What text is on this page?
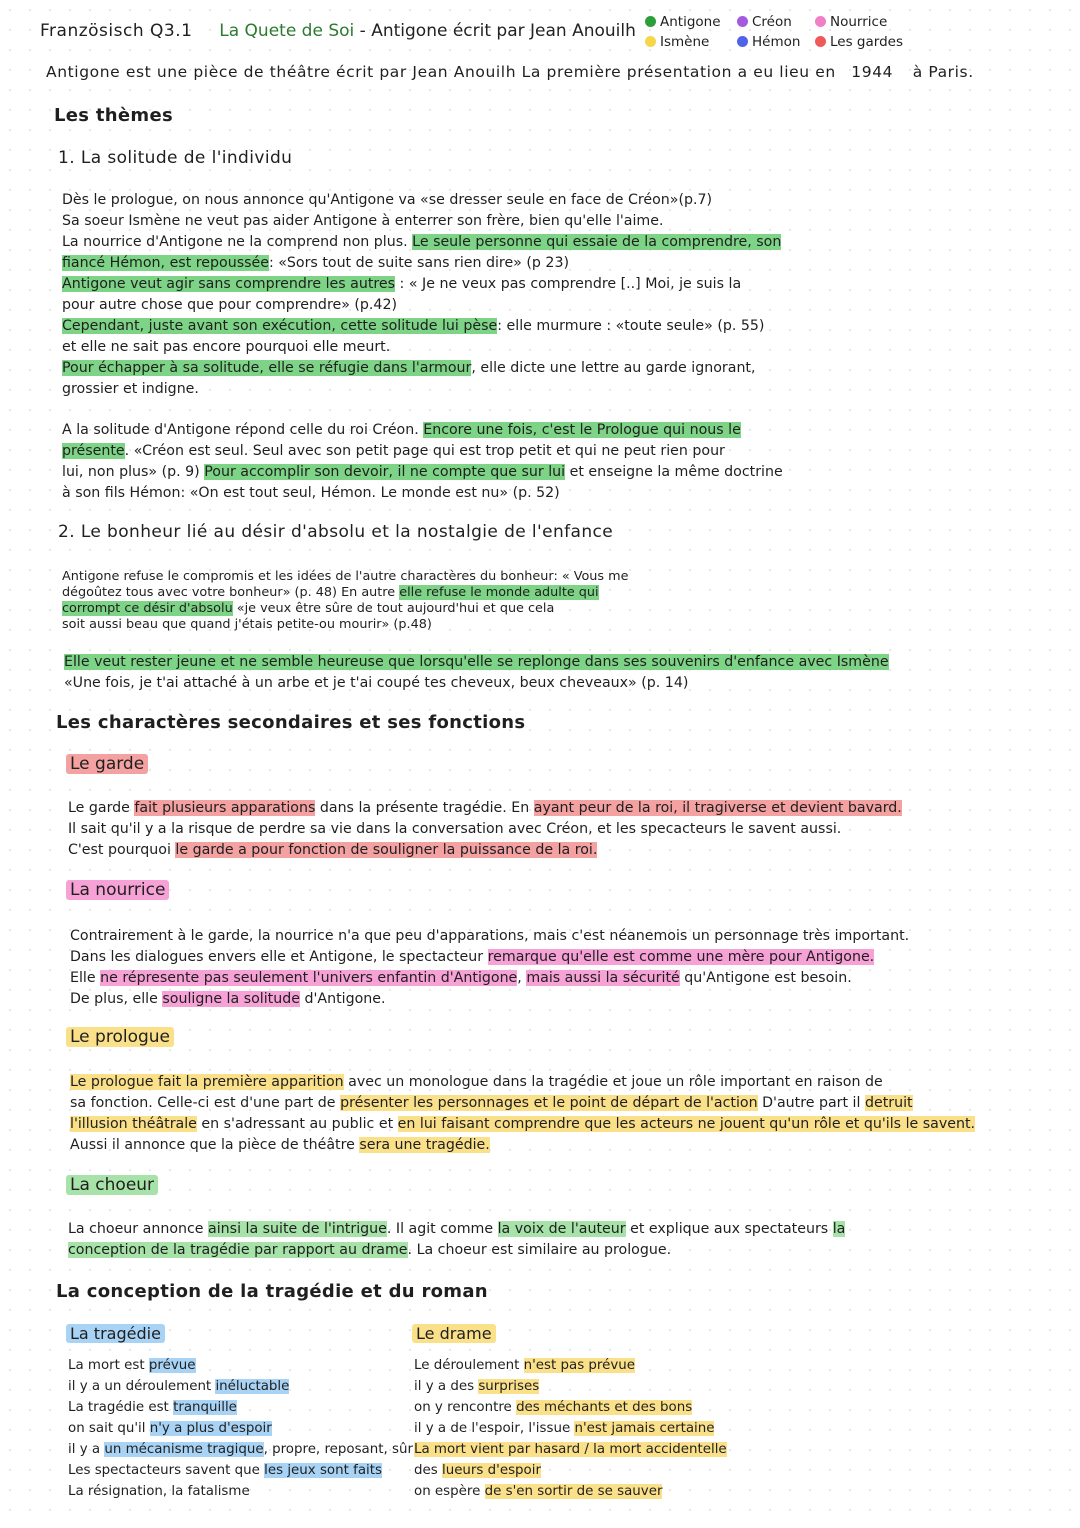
Französisch Q3.1 La Quete de Soi - Antigone écrit par Jean Anouilh	Antigone
Ismène
Créon
Hémon
Nourrice
Les gardes
Antigone est une pièce de théâtre écrit par Jean Anouilh La première présentation a eu lieu en 1944 à Paris.
Les thèmes
1. La solitude de l'individu
Dès le prologue, on nous annonce qu'Antigone va «se dresser seule en face de Créon»(p.7)
Sa soeur Ismène ne veut pas aider Antigone à enterrer son frère, bien qu'elle l'aime.
La nourrice d'Antigone ne la comprend non plus. Le seule personne qui essaie de la comprendre, son
fiancé Hémon, est repoussée: «Sors tout de suite sans rien dire» (p 23)
Antigone veut agir sans comprendre les autres : « Je ne veux pas comprendre [..] Moi, je suis la
pour autre chose que pour comprendre» (p.42)
Cependant, juste avant son exécution, cette solitude lui pèse: elle murmure : «toute seule» (p. 55)
et elle ne sait pas encore pourquoi elle meurt.
Pour échapper à sa solitude, elle se réfugie dans l'armour, elle dicte une lettre au garde ignorant,
grossier et indigne.
A la solitude d'Antigone répond celle du roi Créon. Encore une fois, c'est le Prologue qui nous le
présente. «Créon est seul. Seul avec son petit page qui est trop petit et qui ne peut rien pour
lui, non plus» (p. 9) Pour accomplir son devoir, il ne compte que sur lui et enseigne la même doctrine
à son fils Hémon: «On est tout seul, Hémon. Le monde est nu» (p. 52)
2. Le bonheur lié au désir d'absolu et la nostalgie de l'enfance
Antigone refuse le compromis et les idées de l'autre charactères du bonheur: « Vous me
dégoûtez tous avec votre bonheur» (p. 48) En autre elle refuse le monde adulte qui
corrompt ce désir d'absolu «je veux être sûre de tout aujourd'hui et que cela
soit aussi beau que quand j'étais petite-ou mourir» (p.48)
Elle veut rester jeune et ne semble heureuse que lorsqu'elle se replonge dans ses souvenirs d'enfance avec Ismène
«Une fois, je t'ai attaché à un arbe et je t'ai coupé tes cheveux, beux cheveaux» (p. 14)
Les charactères secondaires et ses fonctions
Le garde
Le garde fait plusieurs apparations dans la présente tragédie. En ayant peur de la roi, il tragiverse et devient bavard.
Il sait qu'il y a la risque de perdre sa vie dans la conversation avec Créon, et les specacteurs le savent aussi.
C'est pourquoi le garde a pour fonction de souligner la puissance de la roi.
La nourrice
Contrairement à le garde, la nourrice n'a que peu d'apparations, mais c'est néanemois un personnage très important.
Dans les dialogues envers elle et Antigone, le spectacteur remarque qu'elle est comme une mère pour Antigone.
Elle ne répresente pas seulement l'univers enfantin d'Antigone, mais aussi la sécurité qu'Antigone est besoin.
De plus, elle souligne la solitude d'Antigone.
Le prologue
Le prologue fait la première apparition avec un monologue dans la tragédie et joue un rôle important en raison de
sa fonction. Celle-ci est d'une part de présenter les personnages et le point de départ de l'action D'autre part il detruit
l'illusion théâtrale en s'adressant au public et en lui faisant comprendre que les acteurs ne jouent qu'un rôle et qu'ils le savent.
Aussi il annonce que la pièce de théâtre sera une tragédie.
La choeur
La choeur annonce ainsi la suite de l'intrigue. Il agit comme la voix de l'auteur et explique aux spectateurs la
conception de la tragédie par rapport au drame. La choeur est similaire au prologue.
La conception de la tragédie et du roman
La tragédie
La mort est prévue
il y a un déroulement inéluctable
La tragédie est tranquille
on sait qu'il n'y a plus d'espoir
il y a un mécanisme tragique, propre, reposant, sûr
Les spectacteurs savent que les jeux sont faits
La résignation, la fatalisme
Le drame
Le déroulement n'est pas prévue
il y a des surprises
on y rencontre des méchants et des bons
il y a de l'espoir, l'issue n'est jamais certaine
La mort vient par hasard / la mort accidentelle
des lueurs d'espoir
on espère de s'en sortir de se sauver
